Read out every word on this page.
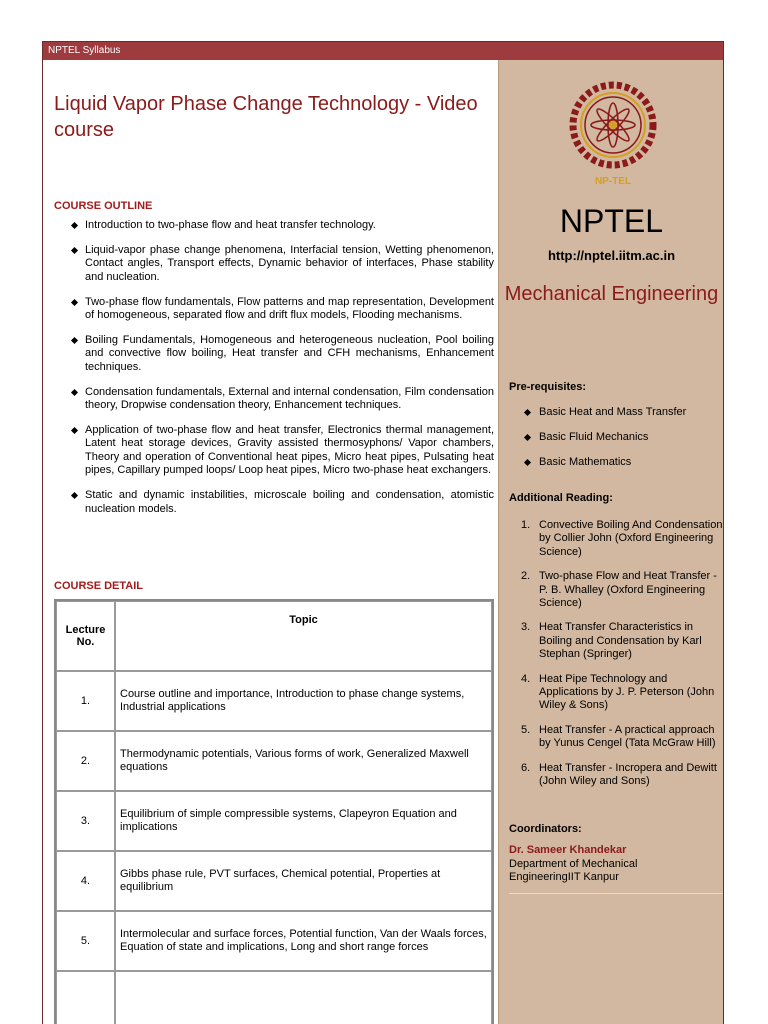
NPTEL Syllabus
Liquid Vapor Phase Change Technology - Video course
COURSE OUTLINE
Introduction to two-phase flow and heat transfer technology.
Liquid-vapor phase change phenomena, Interfacial tension, Wetting phenomenon, Contact angles, Transport effects, Dynamic behavior of interfaces, Phase stability and nucleation.
Two-phase flow fundamentals, Flow patterns and map representation, Development of homogeneous, separated flow and drift flux models, Flooding mechanisms.
Boiling Fundamentals, Homogeneous and heterogeneous nucleation, Pool boiling and convective flow boiling, Heat transfer and CFH mechanisms, Enhancement techniques.
Condensation fundamentals, External and internal condensation, Film condensation theory, Dropwise condensation theory, Enhancement techniques.
Application of two-phase flow and heat transfer, Electronics thermal management, Latent heat storage devices, Gravity assisted thermosyphons/ Vapor chambers, Theory and operation of Conventional heat pipes, Micro heat pipes, Pulsating heat pipes, Capillary pumped loops/ Loop heat pipes, Micro two-phase heat exchangers.
Static and dynamic instabilities, microscale boiling and condensation, atomistic nucleation models.
COURSE DETAIL
Lecture No.	Topic
1.	Course outline and importance, Introduction to phase change systems, Industrial applications
2.	Thermodynamic potentials, Various forms of work, Generalized Maxwell equations
3.	Equilibrium of simple compressible systems, Clapeyron Equation and implications
4.	Gibbs phase rule, PVT surfaces, Chemical potential, Properties at equilibrium
5.	Intermolecular and surface forces, Potential function, Van der Waals forces, Equation of state and implications, Long and short range forces

NP-TEL

NPTEL

http://nptel.iitm.ac.in

Mechanical Engineering

Pre-requisites:

Basic Heat and Mass Transfer
Basic Fluid Mechanics
Basic Mathematics

Additional Reading:

1. Convective Boiling And Condensation by Collier John (Oxford Engineering Science)
2. Two-phase Flow and Heat Transfer - P. B. Whalley (Oxford Engineering Science)
3. Heat Transfer Characteristics in Boiling and Condensation by Karl Stephan (Springer)
4. Heat Pipe Technology and Applications by J. P. Peterson (John Wiley & Sons)
5. Heat Transfer - A practical approach by Yunus Cengel (Tata McGraw Hill)
6. Heat Transfer - Incropera and Dewitt (John Wiley and Sons)

Coordinators:

Dr. Sameer Khandekar

Department of Mechanical EngineeringIIT Kanpur
